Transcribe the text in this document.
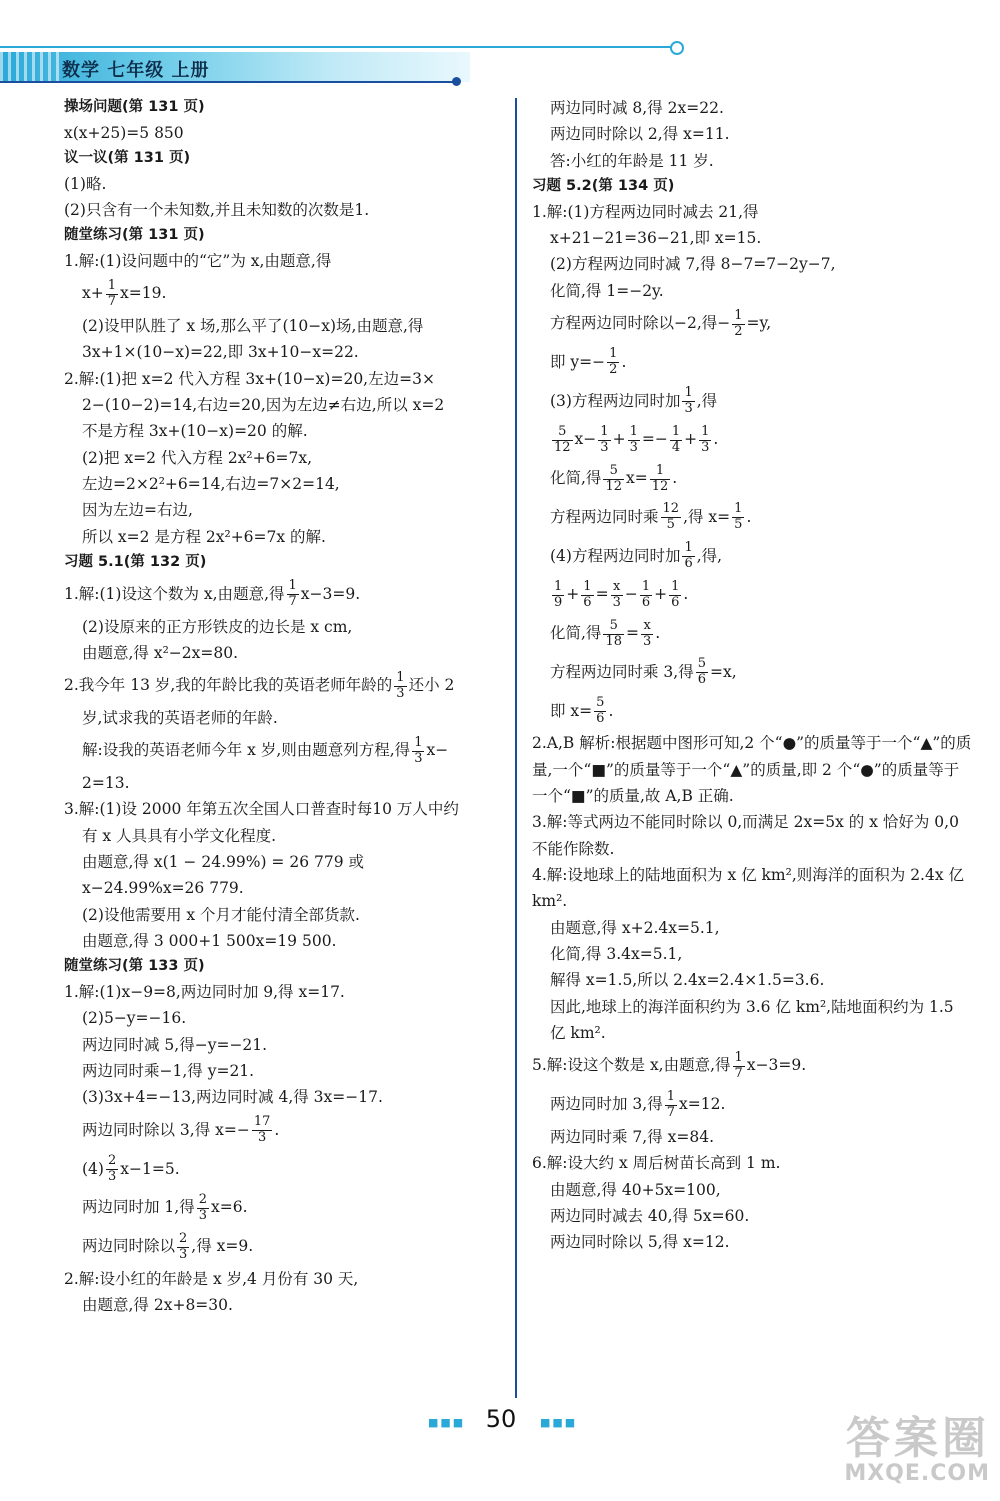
数学 七年级 上册
操场问题(第 131 页)
x(x+25)=5 850
议一议(第 131 页)
(1)略.
(2)只含有一个未知数,并且未知数的次数是1.
随堂练习(第 131 页)
1.解:(1)设问题中的“它”为 x,由题意,得
$x+ \frac{1}{7} x=19$.
(2)设甲队胜了 x 场,那么平了(10−x)场,由题意,得
3x+1×(10−x)=22,即 3x+10−x=22.
2.解:(1)把 x=2 代入方程 3x+(10−x)=20,左边=3×
2−(10−2)=14,右边=20,因为左边≠右边,所以 x=2
不是方程 3x+(10−x)=20 的解.
(2)把 x=2 代入方程 2x²+6=7x,
左边=2×2²+6=14,右边=7×2=14,
因为左边=右边,
所以 x=2 是方程 2x²+6=7x 的解.
习题 5.1(第 132 页)
1.解:(1)设这个数为 x,由题意,得 $\frac{1}{7} x-3=9$.
(2)设原来的正方形铁皮的边长是 x cm,
由题意,得 x²−2x=80.
2.我今年 13 岁,我的年龄比我的英语老师年龄的 $\frac{1}{3}$ 还小 2
岁,试求我的英语老师的年龄.
解:设我的英语老师今年 x 岁,则由题意列方程,得 $\frac{1}{3} x-$
2=13.
3.解:(1)设 2000 年第五次全国人口普查时每10 万人中约
有 x 人具具有小学文化程度.
由题意,得 x(1 − 24.99%) = 26 779 或
x−24.99%x=26 779.
(2)设他需要用 x 个月才能付清全部货款.
由题意,得 3 000+1 500x=19 500.
随堂练习(第 133 页)
1.解:(1)x−9=8,两边同时加 9,得 x=17.
(2)5−y=−16.
两边同时减 5,得−y=−21.
两边同时乘−1,得 y=21.
(3)3x+4=−13,两边同时减 4,得 3x=−17.
两边同时除以 3,得 $x=- \frac{17}{3}$ .
$(4) \frac{2}{3} x-1=5$.
两边同时加 1,得 $\frac{2}{3} x=6$.
两边同时除以 $\frac{2}{3}$ ,得 x=9.
2.解:设小红的年龄是 x 岁,4 月份有 30 天,
由题意,得 2x+8=30.
两边同时减 8,得 2x=22.
两边同时除以 2,得 x=11.
答:小红的年龄是 11 岁.
习题 5.2(第 134 页)
1.解:(1)方程两边同时减去 21,得
x+21−21=36−21,即 x=15.
(2)方程两边同时减 7,得 8−7=7−2y−7,
化简,得 1=−2y.
方程两边同时除以−2,得− $\frac{1}{2} =y$,
即 $y=- \frac{1}{2}$ .
(3)方程两边同时加 $\frac{1}{3}$ ,得
$\frac{5}{12} x- \frac{1}{3} + \frac{1}{3} =- \frac{1}{4} + \frac{1}{3}$ .
化简,得 $\frac{5}{12} x= \frac{1}{12}$ .
方程两边同时乘 $\frac{12}{5}$ ,得 $x= \frac{1}{5}$ .
(4)方程两边同时加 $\frac{1}{6}$ ,得,
$\frac{1}{9} + \frac{1}{6} = \frac{x}{3} - \frac{1}{6} + \frac{1}{6}$ .
化简,得 $\frac{5}{18} = \frac{x}{3}$ .
方程两边同时乘 3,得 $\frac{5}{6} =x$,
即 $x= \frac{5}{6}$ .
2.A,B 解析:根据题中图形可知,2 个“●”的质量等于一个“▲”的质量,一个“■”的质量等于一个“▲”的质量,即 2 个“●”的质量等于一个“■”的质量,故 A,B 正确.
3.解:等式两边不能同时除以 0,而满足 2x=5x 的 x 恰好为 0,0 不能作除数.
4.解:设地球上的陆地面积为 x 亿 km²,则海洋的面积为 2.4x 亿 km².
由题意,得 x+2.4x=5.1,
化简,得 3.4x=5.1,
解得 x=1.5,所以 2.4x=2.4×1.5=3.6.
因此,地球上的海洋面积约为 3.6 亿 km²,陆地面积约为 1.5 亿 km².
5.解:设这个数是 x,由题意,得 $\frac{1}{7} x-3=9$.
两边同时加 3,得 $\frac{1}{7} x=12$.
两边同时乘 7,得 x=84.
6.解:设大约 x 周后树苗长高到 1 m.
由题意,得 40+5x=100,
两边同时减去 40,得 5x=60.
两边同时除以 5,得 x=12.
■■■ 50	■■■	答案圈
MXQE.COM
